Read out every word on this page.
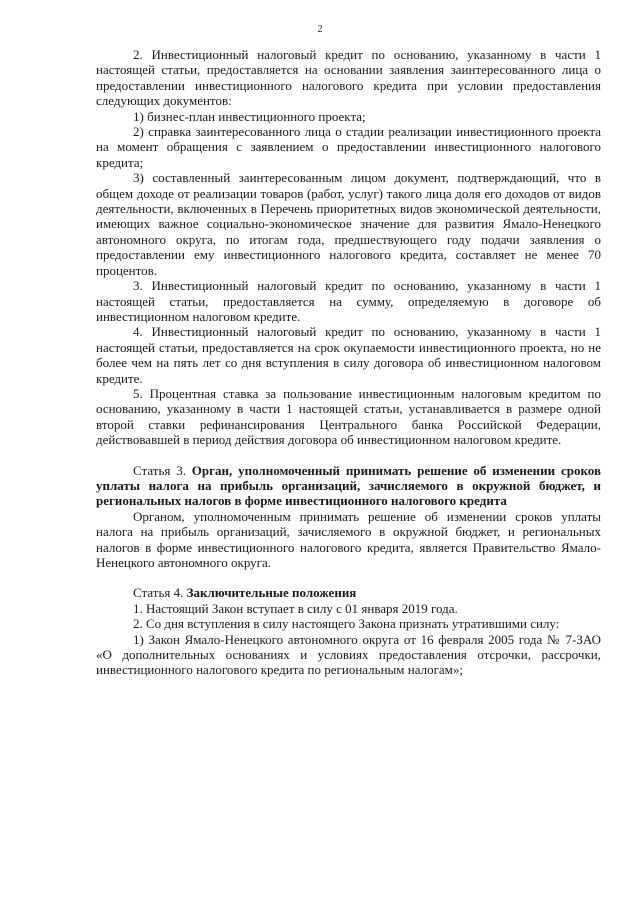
2

2. Инвестиционный налоговый кредит по основанию, указанному в части 1 настоящей статьи, предоставляется на основании заявления заинтересованного лица о предоставлении инвестиционного налогового кредита при условии предоставления следующих документов:

1) бизнес-план инвестиционного проекта;

2) справка заинтересованного лица о стадии реализации инвестиционного проекта на момент обращения с заявлением о предоставлении инвестиционного налогового кредита;

3) составленный заинтересованным лицом документ, подтверждающий, что в общем доходе от реализации товаров (работ, услуг) такого лица доля его доходов от видов деятельности, включенных в Перечень приоритетных видов экономической деятельности, имеющих важное социально-экономическое значение для развития Ямало-Ненецкого автономного округа, по итогам года, предшествующего году подачи заявления о предоставлении ему инвестиционного налогового кредита, составляет не менее 70 процентов.

3. Инвестиционный налоговый кредит по основанию, указанному в части 1 настоящей статьи, предоставляется на сумму, определяемую в договоре об инвестиционном налоговом кредите.

4. Инвестиционный налоговый кредит по основанию, указанному в части 1 настоящей статьи, предоставляется на срок окупаемости инвестиционного проекта, но не более чем на пять лет со дня вступления в силу договора об инвестиционном налоговом кредите.

5. Процентная ставка за пользование инвестиционным налоговым кредитом по основанию, указанному в части 1 настоящей статьи, устанавливается в размере одной второй ставки рефинансирования Центрального банка Российской Федерации, действовавшей в период действия договора об инвестиционном налоговом кредите.

Статья 3. Орган, уполномоченный принимать решение об изменении сроков уплаты налога на прибыль организаций, зачисляемого в окружной бюджет, и региональных налогов в форме инвестиционного налогового кредита

Органом, уполномоченным принимать решение об изменении сроков уплаты налога на прибыль организаций, зачисляемого в окружной бюджет, и региональных налогов в форме инвестиционного налогового кредита, является Правительство Ямало-Ненецкого автономного округа.

Статья 4. Заключительные положения

1. Настоящий Закон вступает в силу с 01 января 2019 года.

2. Со дня вступления в силу настоящего Закона признать утратившими силу:

1) Закон Ямало-Ненецкого автономного округа от 16 февраля 2005 года № 7-ЗАО «О дополнительных основаниях и условиях предоставления отсрочки, рассрочки, инвестиционного налогового кредита по региональным налогам»;
